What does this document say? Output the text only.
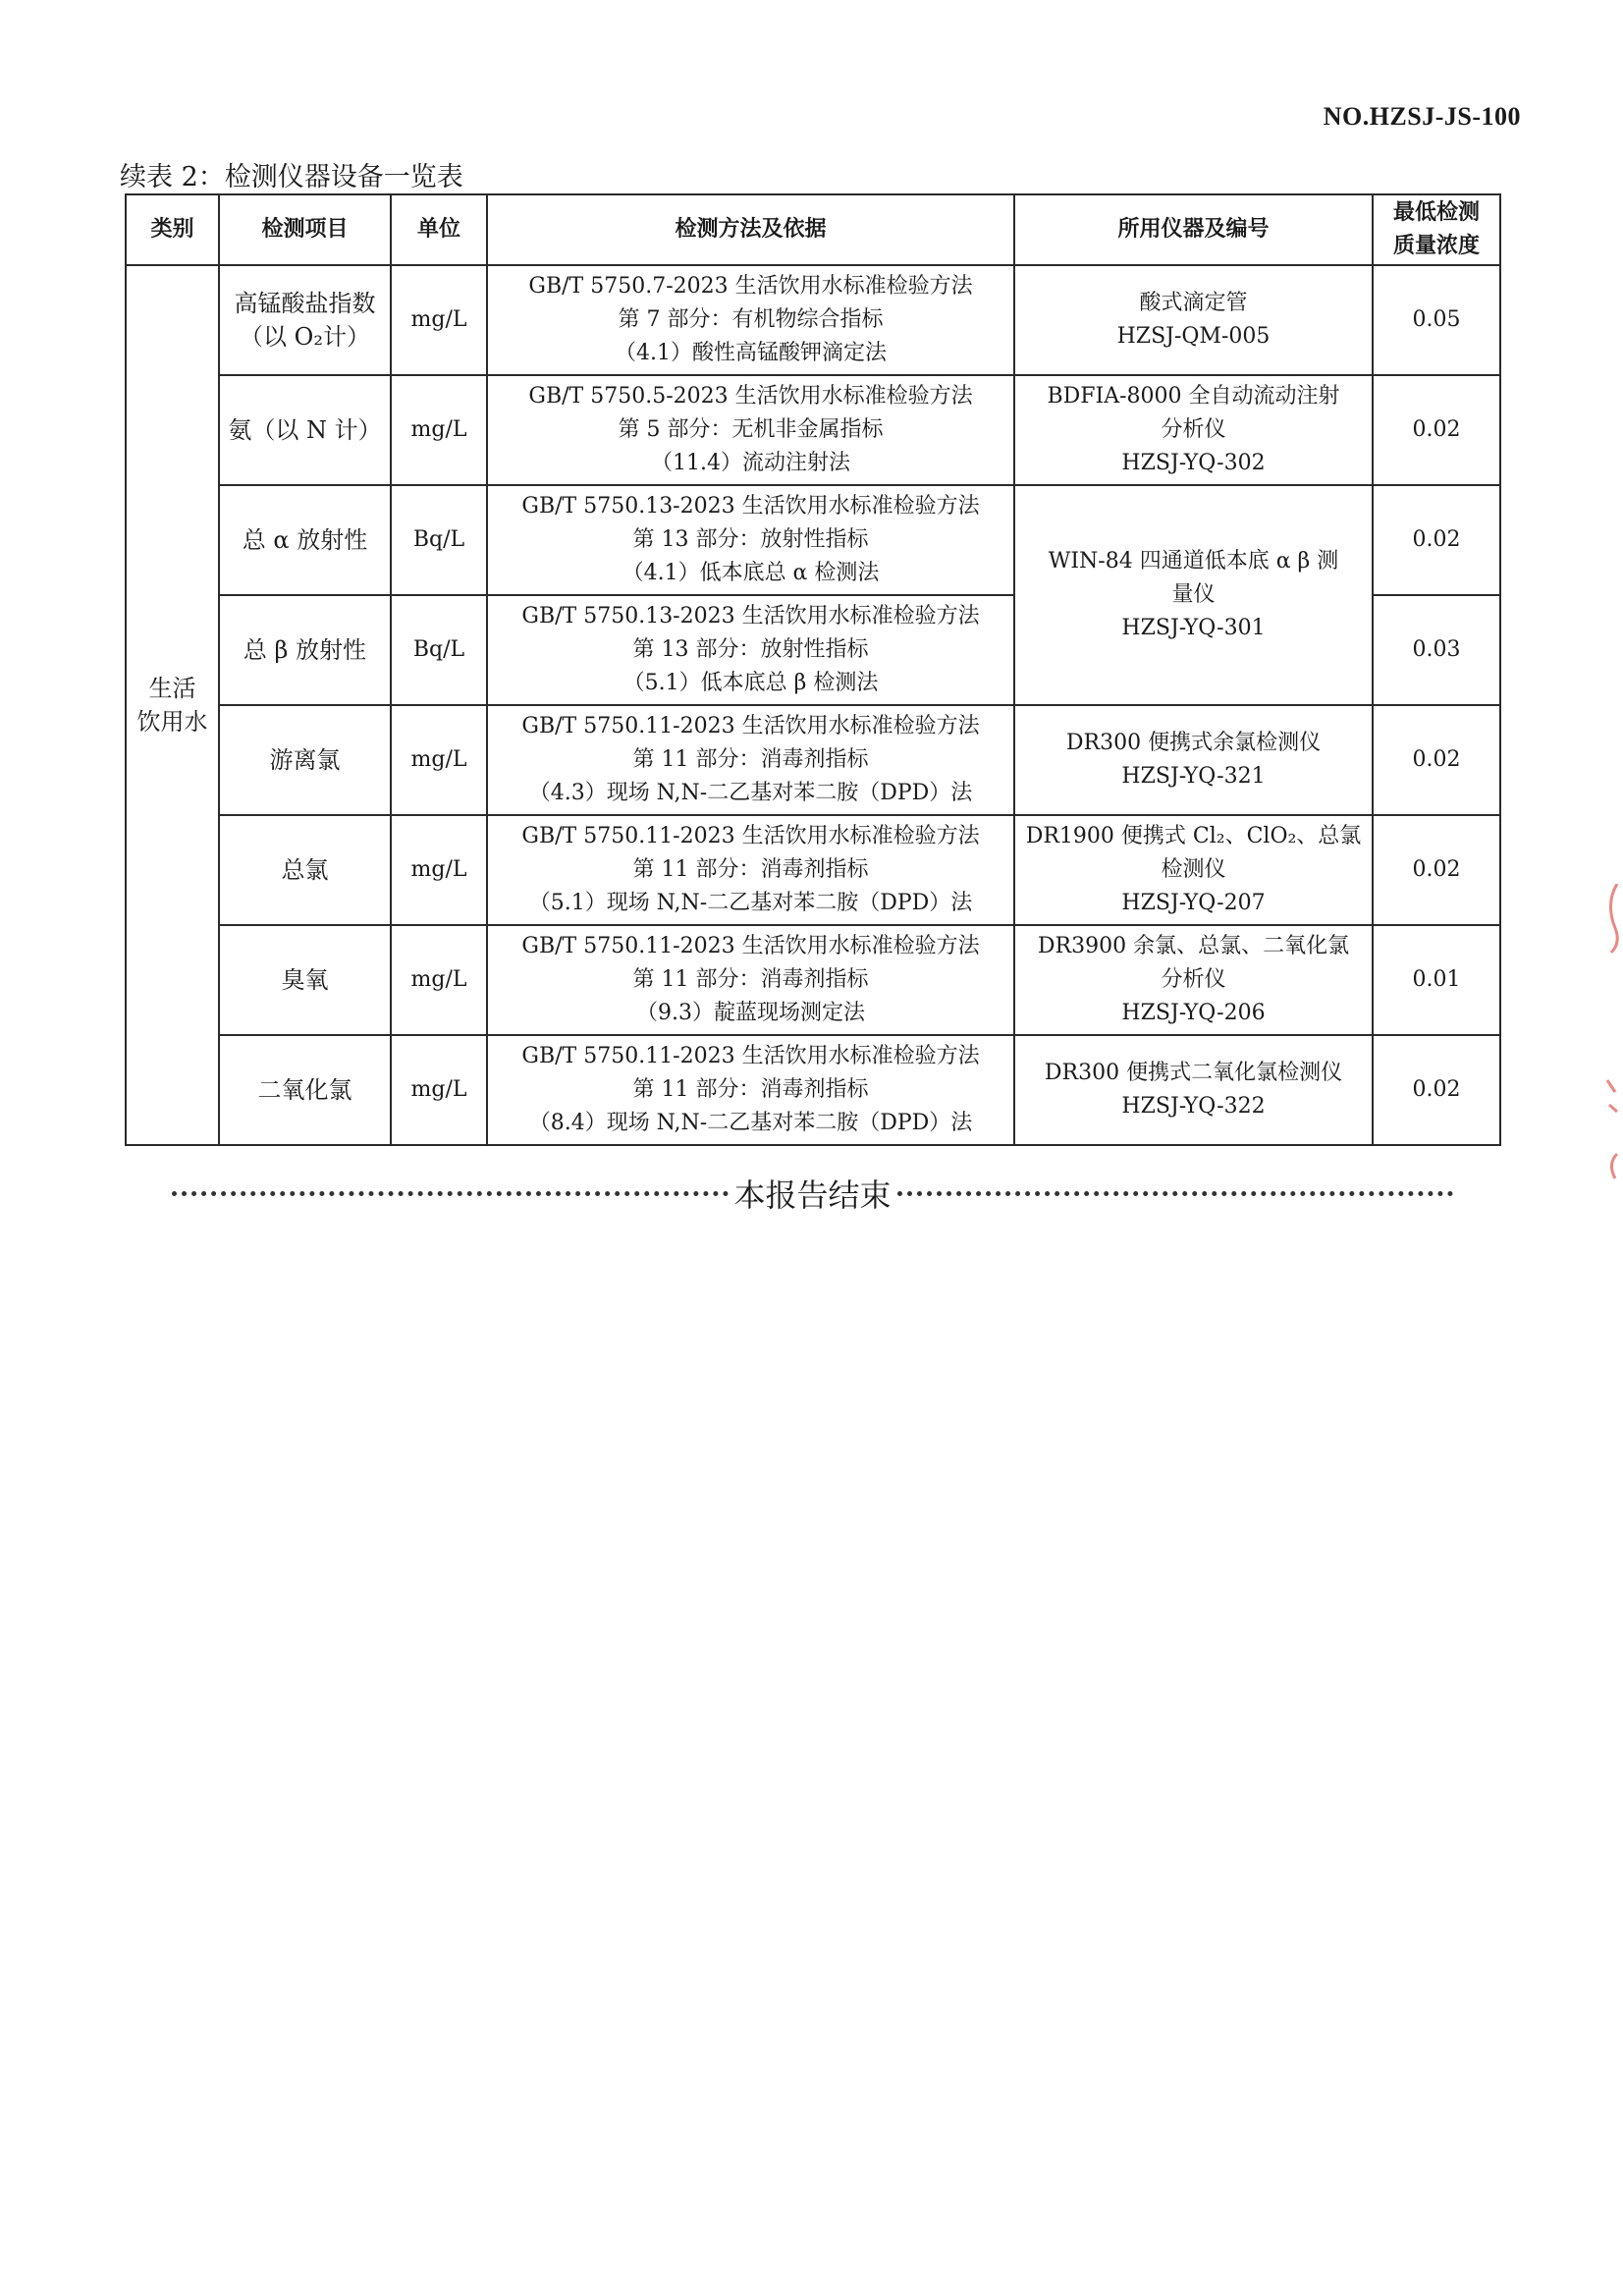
NO.HZSJ-JS-100
续表 2：检测仪器设备一览表
类别	检测项目	单位	检测方法及依据	所用仪器及编号	最低检测
质量浓度

生活
饮用水	高锰酸盐指数
（以 O₂计）	mg/L	GB/T 5750.7-2023 生活饮用水标准检验方法
第 7 部分：有机物综合指标
（4.1）酸性高锰酸钾滴定法	酸式滴定管
HZSJ-QM-005	0.05

	氨（以 N 计）	mg/L	GB/T 5750.5-2023 生活饮用水标准检验方法
第 5 部分：无机非金属指标
（11.4）流动注射法	BDFIA-8000 全自动流动注射
分析仪
HZSJ-YQ-302	0.02

	总 α 放射性	Bq/L	GB/T 5750.13-2023 生活饮用水标准检验方法
第 13 部分：放射性指标
（4.1）低本底总 α 检测法	WIN-84 四通道低本底 α β 测
量仪
HZSJ-YQ-301	0.02

	总 β 放射性	Bq/L	GB/T 5750.13-2023 生活饮用水标准检验方法
第 13 部分：放射性指标
（5.1）低本底总 β 检测法		0.03

	游离氯	mg/L	GB/T 5750.11-2023 生活饮用水标准检验方法
第 11 部分：消毒剂指标
（4.3）现场 N,N-二乙基对苯二胺（DPD）法	DR300 便携式余氯检测仪
HZSJ-YQ-321	0.02

	总氯	mg/L	GB/T 5750.11-2023 生活饮用水标准检验方法
第 11 部分：消毒剂指标
（5.1）现场 N,N-二乙基对苯二胺（DPD）法	DR1900 便携式 Cl₂、ClO₂、总氯
检测仪
HZSJ-YQ-207	0.02

	臭氧	mg/L	GB/T 5750.11-2023 生活饮用水标准检验方法
第 11 部分：消毒剂指标
（9.3）靛蓝现场测定法	DR3900 余氯、总氯、二氧化氯
分析仪
HZSJ-YQ-206	0.01

	二氧化氯	mg/L	GB/T 5750.11-2023 生活饮用水标准检验方法
第 11 部分：消毒剂指标
（8.4）现场 N,N-二乙基对苯二胺（DPD）法	DR300 便携式二氧化氯检测仪
HZSJ-YQ-322	0.02
本报告结束
